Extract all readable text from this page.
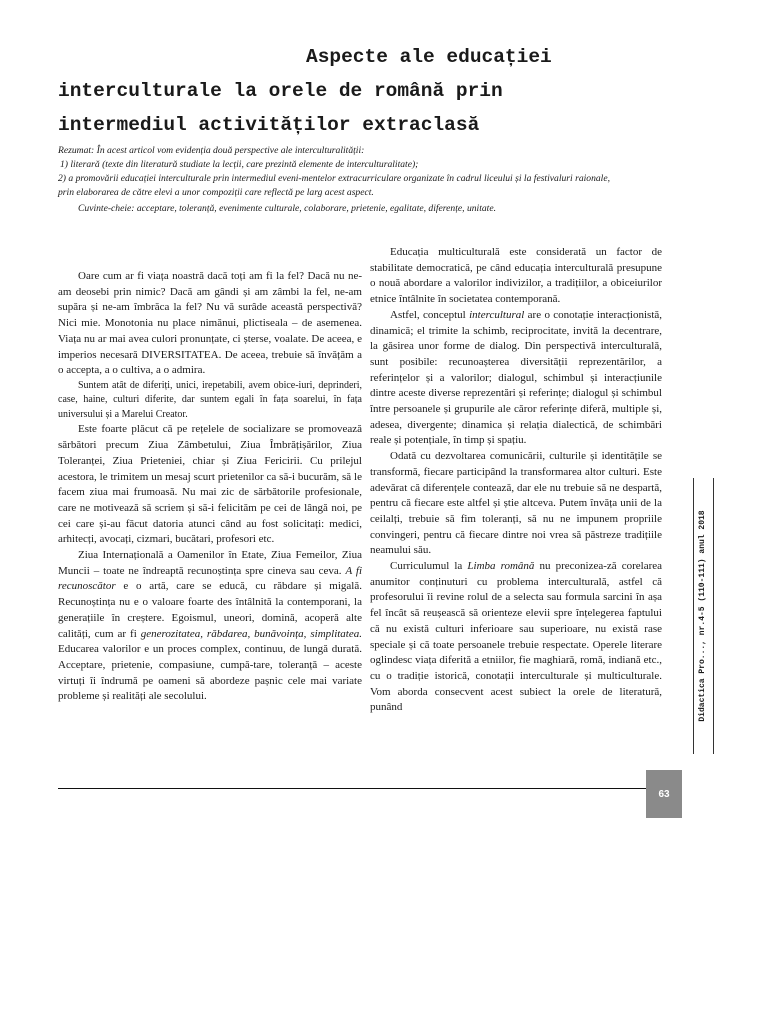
Aspecte ale educației
interculturale la orele de română prin
intermediul activităților extraclasă

Rezumat: În acest articol vom evidenția două perspective ale interculturalității:

1) literară (texte din literatură studiate la lecții, care prezintă elemente de interculturalitate);

2) a promovării educației interculturale prin intermediul eveni-mentelor extracurriculare organizate în cadrul liceului și la festivaluri raionale, prin elaborarea de către elevi a unor compoziții care reflectă pe larg acest aspect.

Cuvinte-cheie: acceptare, toleranță, evenimente culturale, colaborare, prietenie, egalitate, diferențe, unitate.

Oare cum ar fi viața noastră dacă toți am fi la fel? Dacă nu ne-am deosebi prin nimic? Dacă am gândi și am zâmbi la fel, ne-am supăra și ne-am îmbrăca la fel? Nu vă surâde această perspectivă? Nici mie. Monotonia nu place nimănui, plictiseala – de asemenea. Viața nu ar mai avea culori pronunțate, ci șterse, voalate. De aceea, e imperios necesară DIVERSITATEA. De aceea, trebuie să învățăm a o accepta, a o cultiva, a o admira.

Suntem atât de diferiți, unici, irepetabili, avem obice-iuri, deprinderi, case, haine, culturi diferite, dar suntem egali în fața soarelui, în fața universului și a Marelui Creator.

Este foarte plăcut că pe rețelele de socializare se promovează sărbători precum Ziua Zâmbetului, Ziua Îmbrățișărilor, Ziua Toleranței, Ziua Prieteniei, chiar și Ziua Fericirii. Cu prilejul acestora, le trimitem un mesaj scurt prietenilor ca să-i bucurăm, să le facem ziua mai frumoasă. Nu mai zic de sărbătorile profesionale, care ne motivează să scriem și să-i felicităm pe cei de lângă noi, pe cei care și-au făcut datoria atunci când au fost solicitați: medici, arhitecți, avocați, cizmari, bucătari, profesori etc.

Ziua Internațională a Oamenilor în Etate, Ziua Femeilor, Ziua Muncii – toate ne îndreaptă recunoștința spre cineva sau ceva. A fi recunoscător e o artă, care se educă, cu răbdare și migală. Recunoștința nu e o valoare foarte des întâlnită la contemporani, la generațiile în creștere. Egoismul, uneori, domină, acoperă alte calități, cum ar fi generozitatea, răbdarea, bunăvoința, simplitatea. Educarea valorilor e un proces complex, continuu, de lungă durată. Acceptare, prietenie, compasiune, cumpă-tare, toleranță – aceste virtuți îi îndrumă pe oameni să abordeze pașnic cele mai variate probleme și realități ale secolului.

Educația multiculturală este considerată un factor de stabilitate democratică, pe când educația interculturală presupune o nouă abordare a valorilor indivizilor, a tradițiilor, a obiceiurilor etnice întâlnite în societatea contemporană.

Astfel, conceptul intercultural are o conotație interacționistă, dinamică; el trimite la schimb, reciprocitate, invită la decentrare, la găsirea unor forme de dialog. Din perspectivă interculturală, sunt posibile: recunoașterea diversității reprezentărilor, a referințelor și a valorilor; dialogul, schimbul și interacțiunile dintre aceste diverse reprezentări și referințe; dialogul și schimbul între persoanele și grupurile ale căror referințe diferă, multiple și, adesea, divergente; dinamica și relația dialectică, de schimbări reale și potențiale, în timp și spațiu.

Odată cu dezvoltarea comunicării, culturile și identitățile se transformă, fiecare participând la transformarea altor culturi. Este adevărat că diferențele contează, dar ele nu trebuie să ne despartă, pentru că fiecare este altfel și știe altceva. Putem învăța unii de la ceilalți, trebuie să fim toleranți, să nu ne impunem propriile convingeri, pentru că fiecare dintre noi vrea să păstreze tradițiile neamului său.

Curriculumul la Limba română nu preconizea-ză corelarea anumitor conținuturi cu problema interculturală, astfel că profesorului îi revine rolul de a selecta sau formula sarcini în așa fel încât să reușească să orienteze elevii spre înțelegerea faptului că nu există culturi inferioare sau superioare, nu există rase speciale și că toate persoanele trebuie respectate. Operele literare oglindesc viața diferită a etniilor, fie maghiară, romă, indiană etc., cu o tradiție istorică, conotații interculturale și multiculturale. Vom aborda consecvent acest subiect la orele de literatură, punând	Didactica Pro..., nr.4-5 (110-111) anul 2018
63
